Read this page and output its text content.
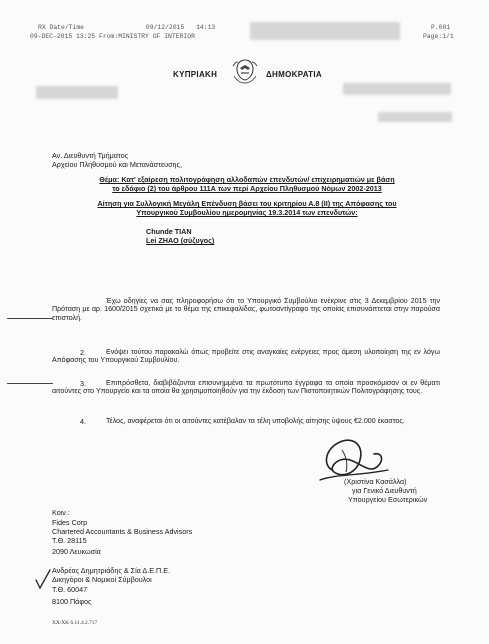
RX Date/Time	09/12/2015 14:13
09-DEC-2015 13:25 From:MINISTRY OF INTERIOR
P.001
Page:1/1
ΚΥΠΡΙΑΚΗ	ΔΗΜΟΚΡΑΤΙΑ
Αν. Διευθυντή Τμήματος
Αρχείου Πληθυσμού και Μετανάστευσης,
Θέμα: Κατ' εξαίρεση πολιτογράφηση αλλοδαπών επενδυτών/ επιχειρηματιών με βάση
το εδάφιο (2) του άρθρου 111Α των περί Αρχείου Πληθυσμού Νόμων 2002-2013
Αίτηση για Συλλογική Μεγάλη Επένδυση βάσει του κριτηρίου Α.8 (ΙΙ) της Απόφασης του
Υπουργικού Συμβουλίου ημερομηνίας 19.3.2014 των επενδυτών:
Chunde TIAN
Lei ZHAO (σύζυγος)
Έχω οδηγίες να σας πληροφορήσω ότι το Υπουργικό Συμβούλιο ενέκρινε στις 3 Δεκεμβρίου 2015 την Πρόταση με αρ. 1600/2015 σχετικά με το θέμα της επικεφαλίδας, φωτοαντίγραφο της οποίας επισυνάπτεται στην παρούσα επιστολή.
2.	Ενόψει τούτου παρακαλώ όπως προβείτε στις αναγκαίες ενέργειες προς άμεση υλοποίηση της εν λόγω Απόφασης του Υπουργικού Συμβουλίου.
3.	Επιπρόσθετα, διαβιβάζονται επισυνημμένα τα πρωτότυπα έγγραφα τα οποία προσκόμισαν οι εν θέματι αιτούντες στο Υπουργείο και τα οποία θα χρησιμοποιηθούν για την έκδοση των Πιστοποιητικών Πολιτογράφησης τους.
4.	Τέλος, αναφέρεται ότι οι αιτούντες κατέβαλαν τα τέλη υποβολής αίτησης ύψους €2.000 έκαστος.
(Χριστίνα Κασάλλα)
για Γενικό Διευθυντή
Υπουργείου Εσωτερικών
Κοιν.:
Fides Corp
Chartered Accountants & Business Advisors
Τ.Θ. 28115
2090 Λευκωσία
Ανδρέας Δημητριάδης & Σία Δ.Ε.Π.Ε.
Δικηγόροι & Νομικοί Σύμβουλοι
Τ.Θ. 60047
8100 Πάφος
XX/XK 6.11.4.2.717
